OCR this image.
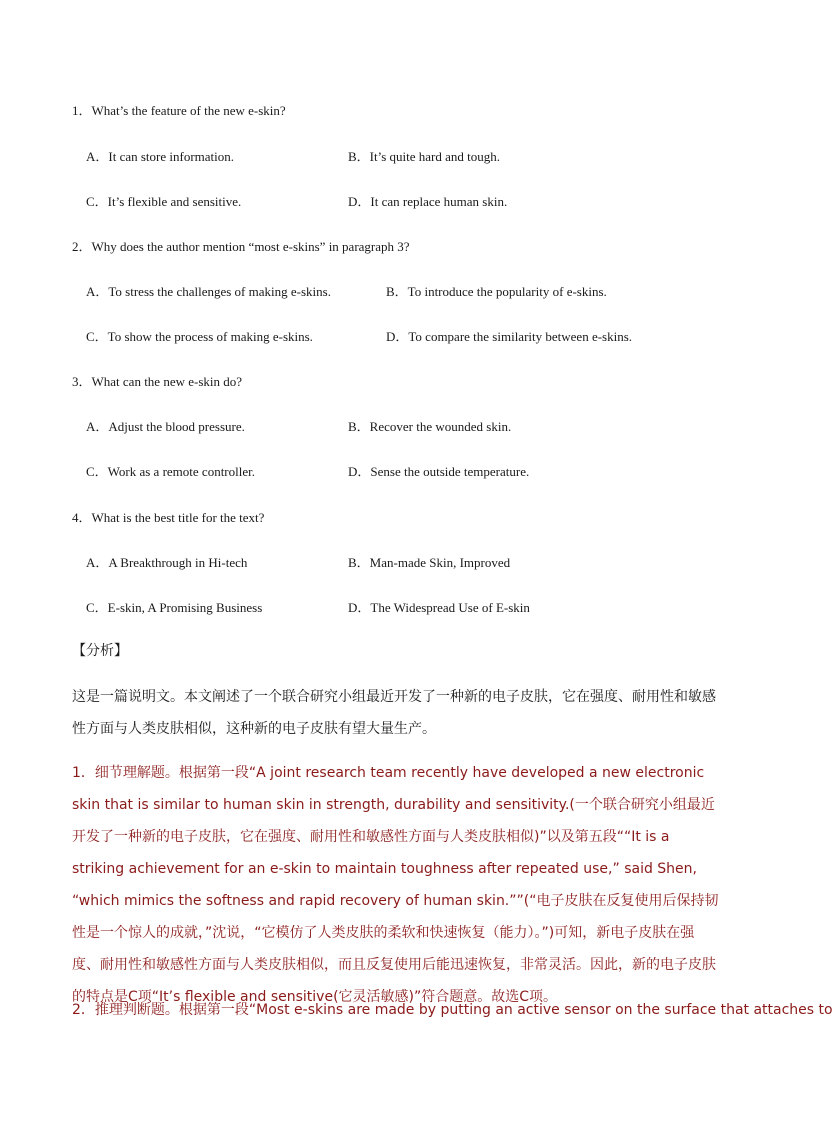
1．What’s the feature of the new e-skin?
A．It can store information.	B．It’s quite hard and tough.
C．It’s flexible and sensitive.	D．It can replace human skin.
2．Why does the author mention “most e-skins” in paragraph 3?
A．To stress the challenges of making e-skins.	B．To introduce the popularity of e-skins.
C．To show the process of making e-skins.	D．To compare the similarity between e-skins.
3．What can the new e-skin do?
A．Adjust the blood pressure.	B．Recover the wounded skin.
C．Work as a remote controller.	D．Sense the outside temperature.
4．What is the best title for the text?
A．A Breakthrough in Hi-tech	B．Man-made Skin, Improved
C．E-skin, A Promising Business	D．The Widespread Use of E-skin
【分析】
这是一篇说明文。本文阐述了一个联合研究小组最近开发了一种新的电子皮肤，它在强度、耐用性和敏感性方面与人类皮肤相似，这种新的电子皮肤有望大量生产。
1．细节理解题。根据第一段“A joint research team recently have developed a new electronic skin that is similar to human skin in strength, durability and sensitivity.(一个联合研究小组最近开发了一种新的电子皮肤，它在强度、耐用性和敏感性方面与人类皮肤相似)”以及第五段““It is a striking achievement for an e-skin to maintain toughness after repeated use,” said Shen, “which mimics the softness and rapid recovery of human skin.””(“电子皮肤在反复使用后保持韧性是一个惊人的成就，”沈说，“它模仿了人类皮肤的柔软和快速恢复（能力）。”)可知，新电子皮肤在强度、耐用性和敏感性方面与人类皮肤相似，而且反复使用后能迅速恢复，非常灵活。因此，新的电子皮肤的特点是C项“It’s flexible and sensitive(它灵活敏感)”符合题意。故选C项。
2．推理判断题。根据第一段“Most e-skins are made by putting an active sensor on the surface that attaches to
